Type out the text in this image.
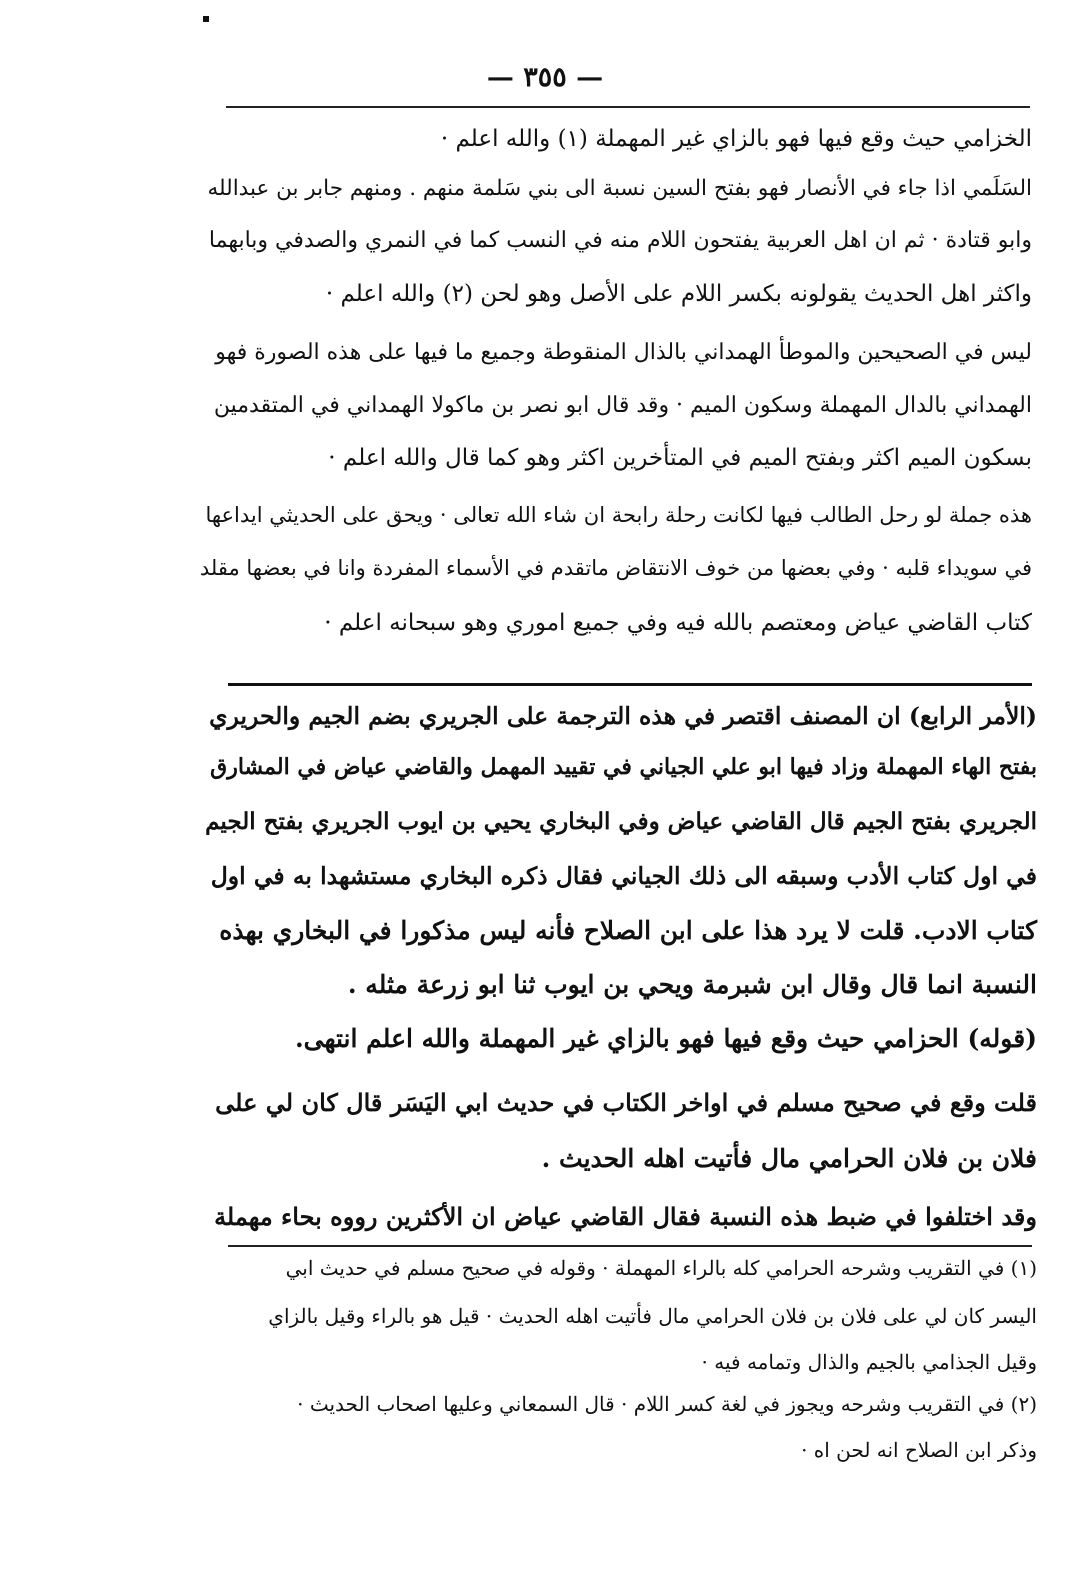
— ٣٥٥ —
الخزامي حيث وقع فيها فهو بالزاي غير المهملة (١) والله اعلم ·
السَلَمي اذا جاء في الأنصار فهو بفتح السين نسبة الى بني سَلمة منهم . ومنهم جابر بن عبدالله
وابو قتادة · ثم ان اهل العربية يفتحون اللام منه في النسب كما في النمري والصدفي وبابهما
واكثر اهل الحديث يقولونه بكسر اللام على الأصل وهو لحن (٢) والله اعلم ·
ليس في الصحيحين والموطأ الهمداني بالذال المنقوطة وجميع ما فيها على هذه الصورة فهو
الهمداني بالدال المهملة وسكون الميم · وقد قال ابو نصر بن ماكولا الهمداني في المتقدمين
بسكون الميم اكثر وبفتح الميم في المتأخرين اكثر وهو كما قال والله اعلم ·
هذه جملة لو رحل الطالب فيها لكانت رحلة رابحة ان شاء الله تعالى · ويحق على الحديثي ايداعها
في سويداء قلبه · وفي بعضها من خوف الانتقاض ماتقدم في الأسماء المفردة وانا في بعضها مقلد
كتاب القاضي عياض ومعتصم بالله فيه وفي جميع اموري وهو سبحانه اعلم ·
(الأمر الرابع) ان المصنف اقتصر في هذه الترجمة على الجريري بضم الجيم والحريري
بفتح الهاء المهملة وزاد فيها ابو علي الجياني في تقييد المهمل والقاضي عياض في المشارق
الجريري بفتح الجيم قال القاضي عياض وفي البخاري يحيي بن ايوب الجريري بفتح الجيم
في اول كتاب الأدب وسبقه الى ذلك الجياني فقال ذكره البخاري مستشهدا به في اول
كتاب الادب. قلت لا يرد هذا على ابن الصلاح فأنه ليس مذكورا في البخاري بهذه
النسبة انما قال وقال ابن شبرمة ويحي بن ايوب ثنا ابو زرعة مثله .
(قوله) الحزامي حيث وقع فيها فهو بالزاي غير المهملة والله اعلم انتهى.
قلت وقع في صحيح مسلم في اواخر الكتاب في حديث ابي اليَسَر قال كان لي على
فلان بن فلان الحرامي مال فأتيت اهله الحديث .
وقد اختلفوا في ضبط هذه النسبة فقال القاضي عياض ان الأكثرين رووه بحاء مهملة
(١) في التقريب وشرحه الحرامي كله بالراء المهملة · وقوله في صحيح مسلم في حديث ابي
اليسر كان لي على فلان بن فلان الحرامي مال فأتيت اهله الحديث · قيل هو بالراء وقيل بالزاي
وقيل الجذامي بالجيم والذال وتمامه فيه ·
(٢) في التقريب وشرحه ويجوز في لغة كسر اللام · قال السمعاني وعليها اصحاب الحديث ·
وذكر ابن الصلاح انه لحن اه ·
